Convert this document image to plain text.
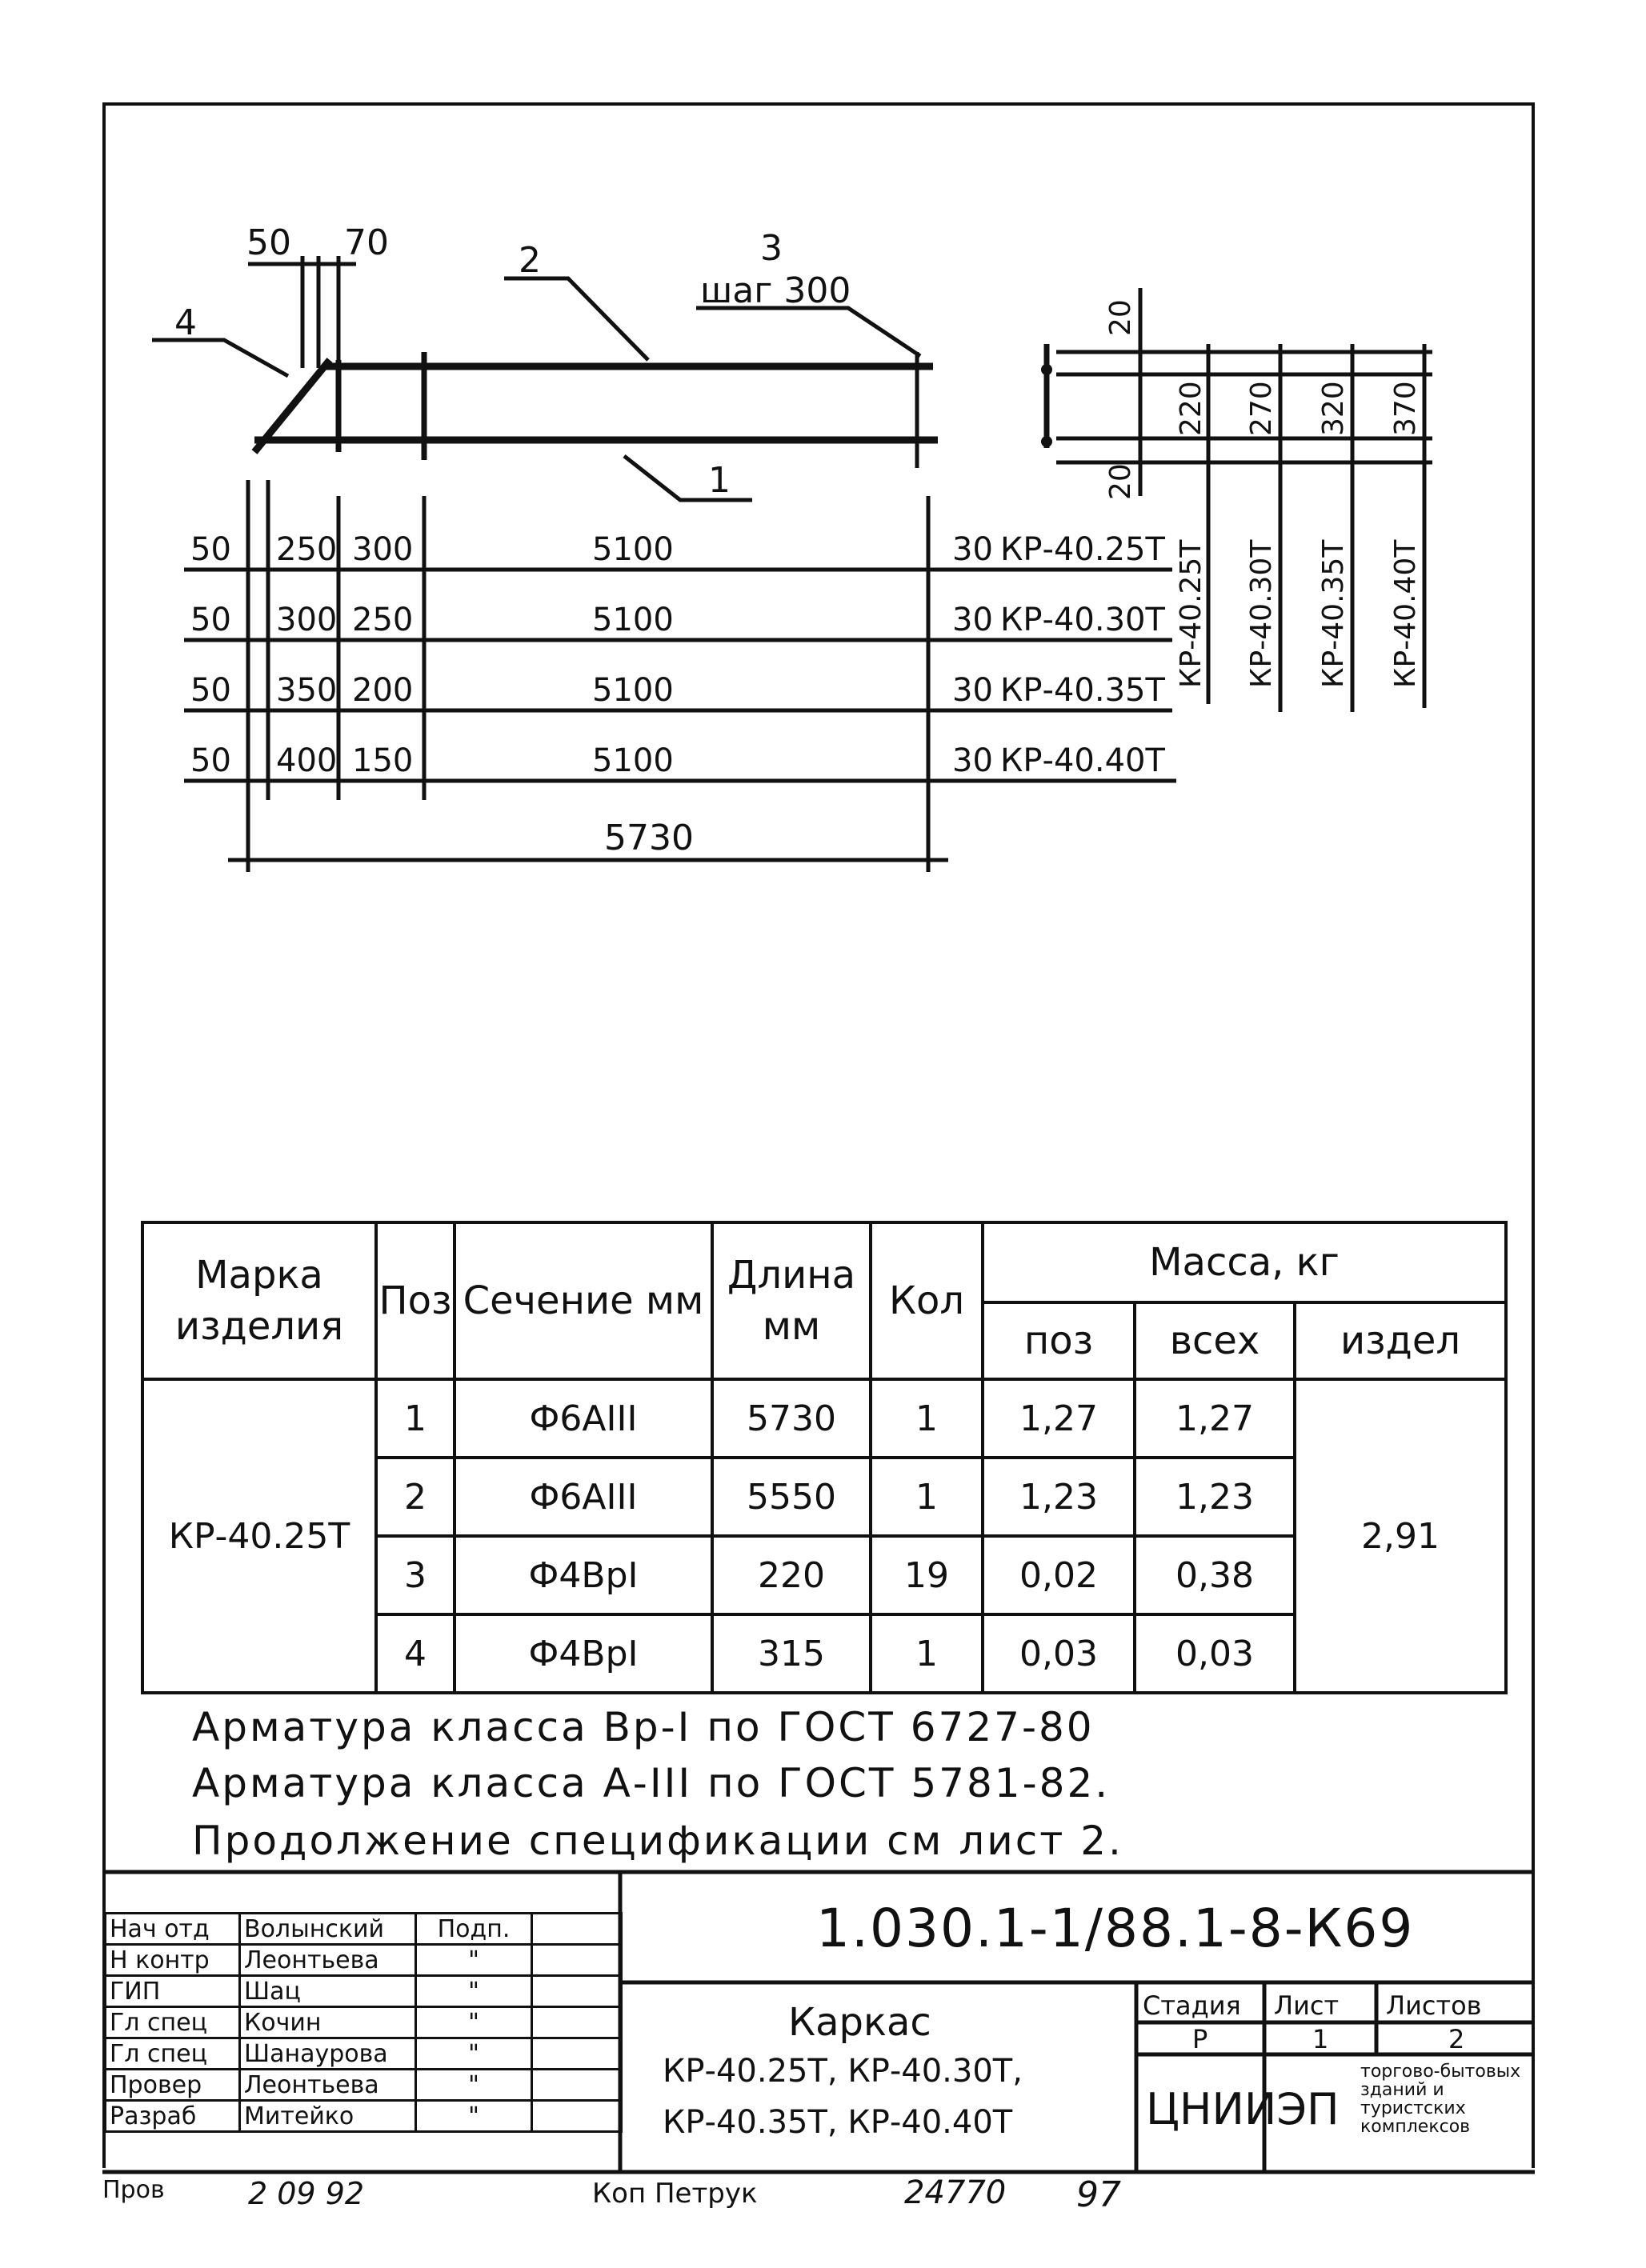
4
2	3
шаг 300
1
50 70
5730
50 250 300	5100	30 КР-40.25Т
50 300 250	5100	30 КР-40.30Т
50 350 200	5100	30 КР-40.35Т
50 400 150	5100	30 КР-40.40Т
20
20
220
КР-40.25Т
270
КР-40.30Т
320
КР-40.35Т
370
КР-40.40Т
Марка изделия	Поз	Сечение мм	Длина мм	Кол	Масса, кг		
					поз	всех	издел
КР-40.25Т	1	Ф6АIII	5730	1	1,27	1,27	2,91
	2	Ф6АIII	5550	1	1,23	1,23	
	3	Ф4ВрI	220	19	0,02	0,38	
	4	Ф4ВрI	315	1	0,03	0,03	
Арматура класса Вр-I по ГОСТ 6727-80
Арматура класса А-III по ГОСТ 5781-82.
Продолжение спецификации см лист 2.
Нач отд	Волынский	Подп.	
Н контр	Леонтьева	"	
ГИП	Шац	"	
Гл спец	Кочин	"	
Гл спец	Шанаурова	"	
Провер	Леонтьева	"	
Разраб	Митейко	"	
1.030.1-1/88.1-8-К69
Каркас
КР-40.25Т, КР-40.30Т,
КР-40.35Т, КР-40.40Т
Стадия Лист Листов
Р	1	2
ЦНИИЭП
торгово-бытовых зданий и туристских комплексов
Пров	2 09 92	Коп Петрук	24770 97
